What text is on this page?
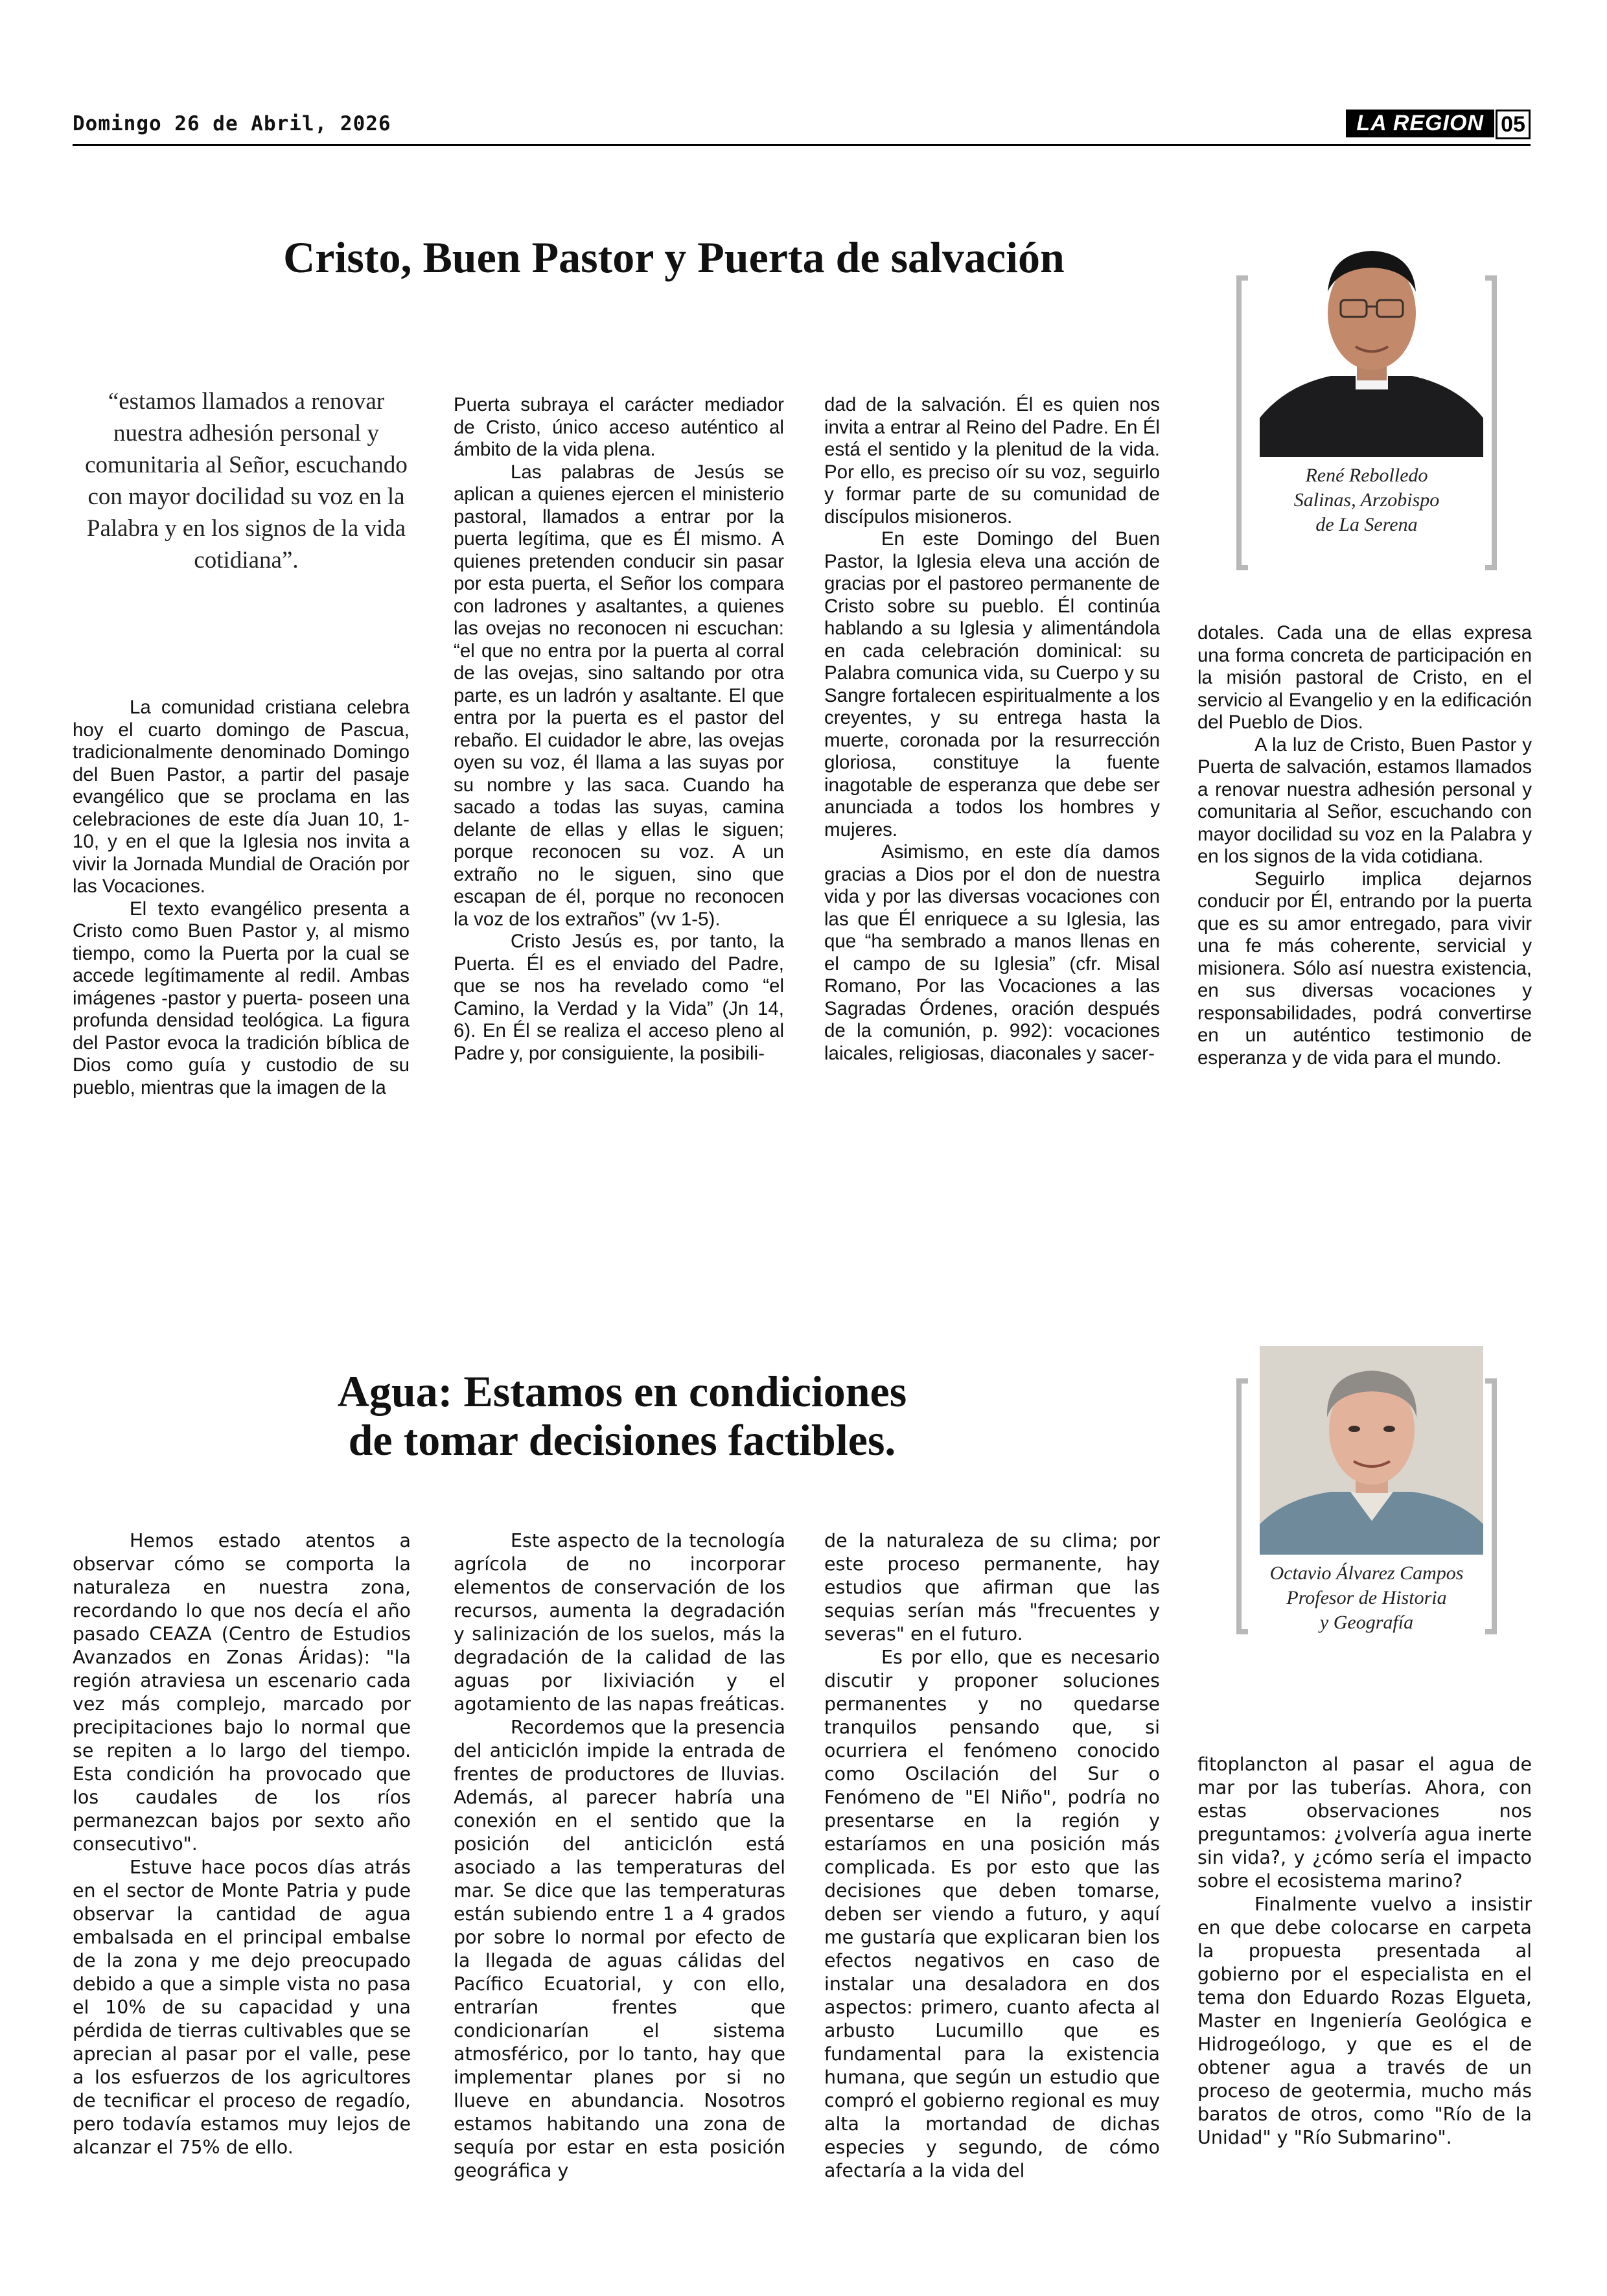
Domingo 26 de Abril, 2026	LA REGION 05
Cristo, Buen Pastor y Puerta de salvación
“estamos llamados a renovar nuestra adhesión personal y comunitaria al Señor, escuchando con mayor docilidad su voz en la Palabra y en los signos de la vida cotidiana”.

La comunidad cristiana celebra hoy el cuarto domingo de Pascua, tradicionalmente denominado Domingo del Buen Pastor, a partir del pasaje evangélico que se proclama en las celebraciones de este día Juan 10, 1-10, y en el que la Iglesia nos invita a vivir la Jornada Mundial de Oración por las Vocaciones.

El texto evangélico presenta a Cristo como Buen Pastor y, al mismo tiempo, como la Puerta por la cual se accede legítimamente al redil. Ambas imágenes -pastor y puerta- poseen una profunda densidad teológica. La figura del Pastor evoca la tradición bíblica de Dios como guía y custodio de su pueblo, mientras que la imagen de la

Puerta subraya el carácter mediador de Cristo, único acceso auténtico al ámbito de la vida plena.

Las palabras de Jesús se aplican a quienes ejercen el ministerio pastoral, llamados a entrar por la puerta legítima, que es Él mismo. A quienes pretenden conducir sin pasar por esta puerta, el Señor los compara con ladrones y asaltantes, a quienes las ovejas no reconocen ni escuchan: “el que no entra por la puerta al corral de las ovejas, sino saltando por otra parte, es un ladrón y asaltante. El que entra por la puerta es el pastor del rebaño. El cuidador le abre, las ovejas oyen su voz, él llama a las suyas por su nombre y las saca. Cuando ha sacado a todas las suyas, camina delante de ellas y ellas le siguen; porque reconocen su voz. A un extraño no le siguen, sino que escapan de él, porque no reconocen la voz de los extraños” (vv 1-5).

Cristo Jesús es, por tanto, la Puerta. Él es el enviado del Padre, que se nos ha revelado como “el Camino, la Verdad y la Vida” (Jn 14, 6). En Él se realiza el acceso pleno al Padre y, por consiguiente, la posibili-

dad de la salvación. Él es quien nos invita a entrar al Reino del Padre. En Él está el sentido y la plenitud de la vida. Por ello, es preciso oír su voz, seguirlo y formar parte de su comunidad de discípulos misioneros.

En este Domingo del Buen Pastor, la Iglesia eleva una acción de gracias por el pastoreo permanente de Cristo sobre su pueblo. Él continúa hablando a su Iglesia y alimentándola en cada celebración dominical: su Palabra comunica vida, su Cuerpo y su Sangre fortalecen espiritualmente a los creyentes, y su entrega hasta la muerte, coronada por la resurrección gloriosa, constituye la fuente inagotable de esperanza que debe ser anunciada a todos los hombres y mujeres.

Asimismo, en este día damos gracias a Dios por el don de nuestra vida y por las diversas vocaciones con las que Él enriquece a su Iglesia, las que “ha sembrado a manos llenas en el campo de su Iglesia” (cfr. Misal Romano, Por las Vocaciones a las Sagradas Órdenes, oración después de la comunión, p. 992): vocaciones laicales, religiosas, diaconales y sacer-

dotales. Cada una de ellas expresa una forma concreta de participación en la misión pastoral de Cristo, en el servicio al Evangelio y en la edificación del Pueblo de Dios.

A la luz de Cristo, Buen Pastor y Puerta de salvación, estamos llamados a renovar nuestra adhesión personal y comunitaria al Señor, escuchando con mayor docilidad su voz en la Palabra y en los signos de la vida cotidiana.

Seguirlo implica dejarnos conducir por Él, entrando por la puerta que es su amor entregado, para vivir una fe más coherente, servicial y misionera. Sólo así nuestra existencia, en sus diversas vocaciones y responsabilidades, podrá convertirse en un auténtico testimonio de esperanza y de vida para el mundo.

René Rebolledo
Salinas, Arzobispo
de La Serena
Agua: Estamos en condiciones
de tomar decisiones factibles.

Hemos estado atentos a observar cómo se comporta la naturaleza en nuestra zona, recordando lo que nos decía el año pasado CEAZA (Centro de Estudios Avanzados en Zonas Áridas): "la región atraviesa un escenario cada vez más complejo, marcado por precipitaciones bajo lo normal que se repiten a lo largo del tiempo. Esta condición ha provocado que los caudales de los ríos permanezcan bajos por sexto año consecutivo".

Estuve hace pocos días atrás en el sector de Monte Patria y pude observar la cantidad de agua embalsada en el principal embalse de la zona y me dejo preocupado debido a que a simple vista no pasa el 10% de su capacidad y una pérdida de tierras cultivables que se aprecian al pasar por el valle, pese a los esfuerzos de los agricultores de tecnificar el proceso de regadío, pero todavía estamos muy lejos de alcanzar el 75% de ello.

Este aspecto de la tecnología agrícola de no incorporar elementos de conservación de los recursos, aumenta la degradación y salinización de los suelos, más la degradación de la calidad de las aguas por lixiviación y el agotamiento de las napas freáticas.

Recordemos que la presencia del anticiclón impide la entrada de frentes de productores de lluvias. Además, al parecer habría una conexión en el sentido que la posición del anticiclón está asociado a las temperaturas del mar. Se dice que las temperaturas están subiendo entre 1 a 4 grados por sobre lo normal por efecto de la llegada de aguas cálidas del Pacífico Ecuatorial, y con ello, entrarían frentes que condicionarían el sistema atmosférico, por lo tanto, hay que implementar planes por si no llueve en abundancia. Nosotros estamos habitando una zona de sequía por estar en esta posición geográfica y

de la naturaleza de su clima; por este proceso permanente, hay estudios que afirman que las sequias serían más "frecuentes y severas" en el futuro.

Es por ello, que es necesario discutir y proponer soluciones permanentes y no quedarse tranquilos pensando que, si ocurriera el fenómeno conocido como Oscilación del Sur o Fenómeno de "El Niño", podría no presentarse en la región y estaríamos en una posición más complicada. Es por esto que las decisiones que deben tomarse, deben ser viendo a futuro, y aquí me gustaría que explicaran bien los efectos negativos en caso de instalar una desaladora en dos aspectos: primero, cuanto afecta al arbusto Lucumillo que es fundamental para la existencia humana, que según un estudio que compró el gobierno regional es muy alta la mortandad de dichas especies y segundo, de cómo afectaría a la vida del

fitoplancton al pasar el agua de mar por las tuberías. Ahora, con estas observaciones nos preguntamos: ¿volvería agua inerte sin vida?, y ¿cómo sería el impacto sobre el ecosistema marino?

Finalmente vuelvo a insistir en que debe colocarse en carpeta la propuesta presentada al gobierno por el especialista en el tema don Eduardo Rozas Elgueta, Master en Ingeniería Geológica e Hidrogeólogo, y que es el de obtener agua a través de un proceso de geotermia, mucho más baratos de otros, como "Río de la Unidad" y "Río Submarino".

Octavio Álvarez Campos
Profesor de Historia
y Geografía
